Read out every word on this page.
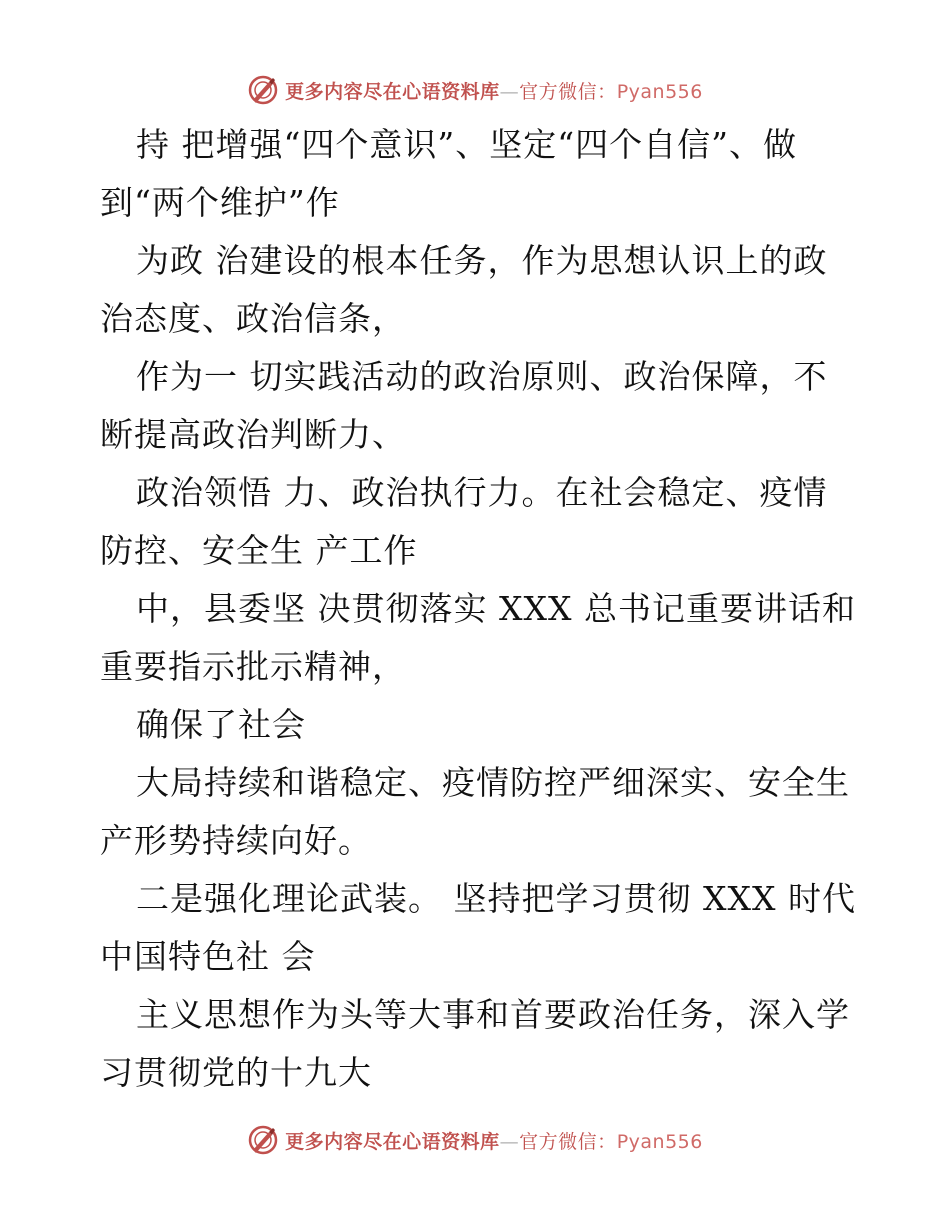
更多内容尽在心语资料库—官方微信：Pyan556

持 把增强“四个意识”、坚定“四个自信”、做到“两个维护”作

为政 治建设的根本任务，作为思想认识上的政治态度、政治信条，

作为一 切实践活动的政治原则、政治保障，不断提高政治判断力、

政治领悟 力、政治执行力。在社会稳定、疫情防控、安全生 产工作

中，县委坚 决贯彻落实 XXX 总书记重要讲话和重要指示批示精神，

确保了社会

大局持续和谐稳定、疫情防控严细深实、安全生产形势持续向好。

二是强化理论武装。 坚持把学习贯彻 XXX 时代中国特色社 会

主义思想作为头等大事和首要政治任务，深入学习贯彻党的十九大

更多内容尽在心语资料库—官方微信：Pyan556
